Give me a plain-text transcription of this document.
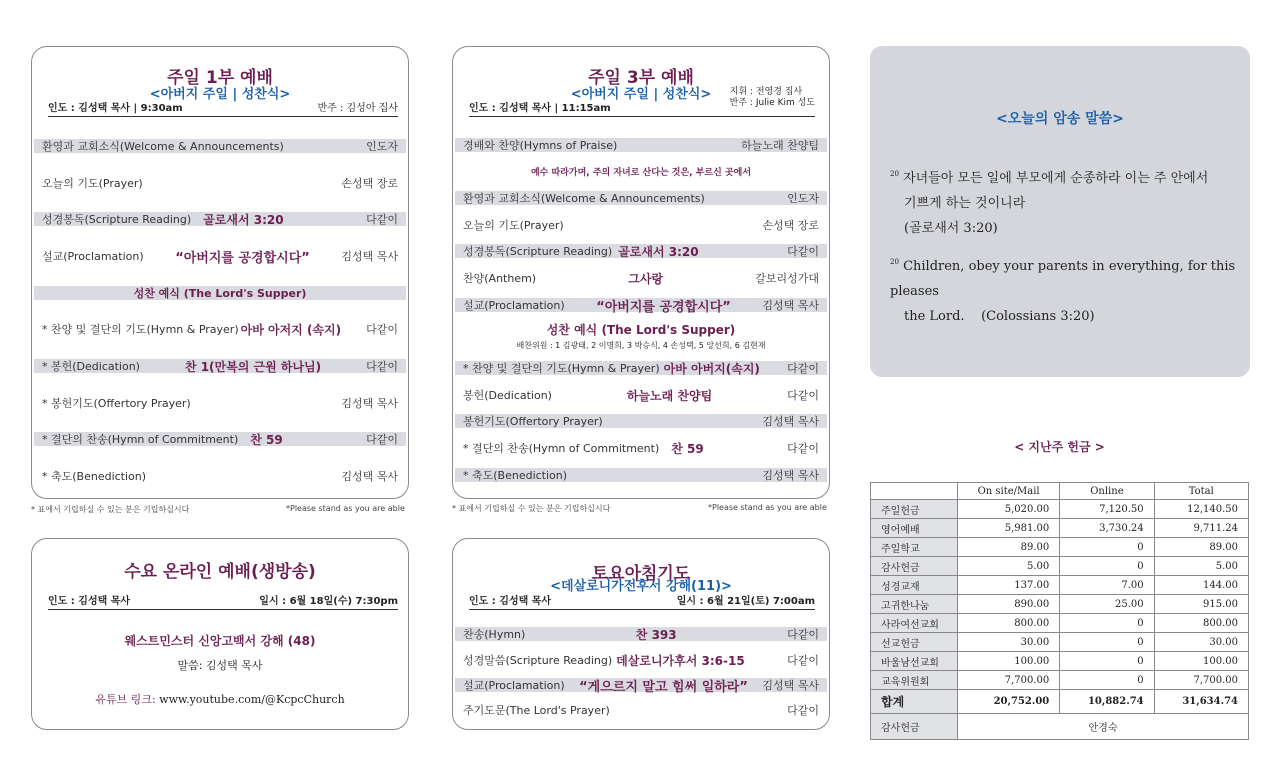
주일 1부 예배
<아버지 주일 | 성찬식>
인도 : 김성택 목사 | 9:30am	반주 : 김성아 집사
환영과 교회소식(Welcome & Announcements)	인도자
오늘의 기도(Prayer)	손성택 장로
성경봉독(Scripture Reading)	골로새서 3:20	다같이
설교(Proclamation)	“아버지를 공경합시다”	김성택 목사
성찬 예식 (The Lord's Supper)
* 찬양 및 결단의 기도(Hymn & Prayer) 아바 아저지 (속지)	다같이
* 봉헌(Dedication)	찬 1(만복의 근원 하나님)	다같이
* 봉헌기도(Offertory Prayer)	김성택 목사
* 결단의 찬송(Hymn of Commitment)	찬 59	다같이
* 축도(Benediction)	김성택 목사
* 표에서 기립하실 수 있는 분은 기립하십시다	*Please stand as you are able
주일 3부 예배
<아버지 주일 | 성찬식>	지휘 : 전영경 집사
반주 : Julie Kim 성도
인도 : 김성택 목사 | 11:15am
경배와 찬양(Hymns of Praise)	하늘노래 찬양팀
예수 따라가며, 주의 자녀로 산다는 것은, 부르신 곳에서
환영과 교회소식(Welcome & Announcements)	인도자
오늘의 기도(Prayer)	손성택 장로
성경봉독(Scripture Reading) 골로새서 3:20	다같이
찬양(Anthem)	그사랑	갈보리성가대
설교(Proclamation)	“아버지를 공경합시다”	김성택 목사
성찬 예식 (The Lord's Supper)
배찬위원 : 1 김광태, 2 이명희, 3 박승식, 4 손성택, 5 앙선희, 6 김현재
* 찬양 및 결단의 기도(Hymn & Prayer) 아바 아버지(속지)	다같이
봉헌(Dedication)	하늘노래 찬양팀	다같이
봉헌기도(Offertory Prayer)	김성택 목사
* 결단의 찬송(Hymn of Commitment)	찬 59	다같이
* 축도(Benediction)	김성택 목사
* 표에서 기립하실 수 있는 분은 기립하십시다	*Please stand as you are able
수요 온라인 예배(생방송)
인도 : 김성택 목사	일시 : 6월 18일(수) 7:30pm
웨스트민스터 신앙고백서 강해 (48)
말씀: 김성택 목사
유튜브 링크: www.youtube.com/@KcpcChurch
토요아침기도
<데살로니가전후서 강해(11)>
인도 : 김성택 목사	일시 : 6월 21일(토) 7:00am
찬송(Hymn)	찬 393	다같이
성경말씀(Scripture Reading) 데살로니가후서 3:6-15	다같이
설교(Proclamation)	“게으르지 말고 힘써 일하라”	김성택 목사
주기도문(The Lord's Prayer)	다같이
<오늘의 암송 말씀>
$^{20}$ 자녀들아 모든 일에 부모에게 순종하라 이는 주 안에서
기쁘게 하는 것이니라
(골로새서 3:20)
$^{20}$ Children, obey your parents in everything, for this pleases
the Lord.    (Colossians 3:20)
< 지난주 헌금 >
	On site/Mail	Online	Total
주일헌금	5,020.00	7,120.50	12,140.50
영어예배	5,981.00	3,730.24	9,711.24
주일학교	89.00	0	89.00
감사헌금	5.00	0	5.00
성경교재	137.00	7.00	144.00
고귀한나눔	890.00	25.00	915.00
사라여선교회	800.00	0	800.00
선교헌금	30.00	0	30.00
바울남선교회	100.00	0	100.00
교육위원회	7,700.00	0	7,700.00
합계	20,752.00	10,882.74	31,634.74
감사헌금	안경숙		
